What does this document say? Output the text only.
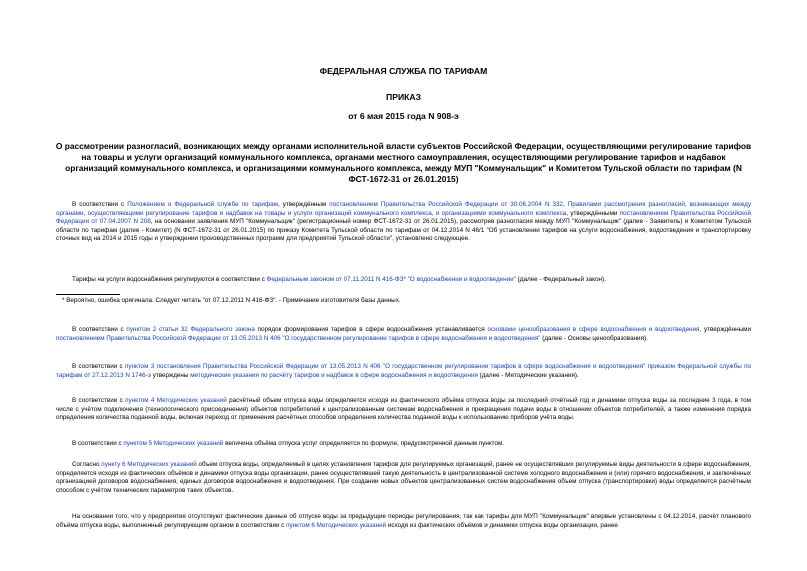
ФЕДЕРАЛЬНАЯ СЛУЖБА ПО ТАРИФАМ
ПРИКАЗ
от 6 мая 2015 года N 908-э
О рассмотрении разногласий, возникающих между органами исполнительной власти субъектов Российской Федерации, осуществляющими регулирование тарифов на товары и услуги организаций коммунального комплекса, органами местного самоуправления, осуществляющими регулирование тарифов и надбавок организаций коммунального комплекса, и организациями коммунального комплекса, между МУП "Коммунальщик" и Комитетом Тульской области по тарифам (N ФСТ-1672-31 от 26.01.2015)
В соответствии с Положением о Федеральной службе по тарифам, утверждённым постановлением Правительства Российской Федерации от 30.06.2004 N 332, Правилами рассмотрения разногласий, возникающих между органами, осуществляющими регулирование тарифов и надбавок на товары и услуги организаций коммунального комплекса, и организациями коммунального комплекса, утверждёнными постановлением Правительства Российской Федерации от 07.04.2007 N 208, на основании заявления МУП "Коммунальщик" (регистрационный номер ФСТ-1672-31 от 26.01.2015), рассмотрев разногласия между МУП "Коммунальщик" (далее - Заявитель) и Комитетом Тульской области по тарифам (далее - Комитет) (N ФСТ-1672-31 от 26.01.2015) по приказу Комитета Тульской области по тарифам от 04.12.2014 N 46/1 "Об установлении тарифов на услуги водоснабжения, водоотведения и транспортировку сточных вод на 2014 и 2015 годы и утверждении производственных программ для предприятий Тульской области", установлено следующее.
Тарифы на услуги водоснабжения регулируются в соответствии с Федеральным законом от 07.11.2011 N 416-ФЗ* "О водоснабжении и водоотведении" (далее - Федеральный закон).
* Вероятно, ошибка оригинала. Следует читать "от 07.12.2011 N 416-ФЗ". - Примечание изготовителя базы данных.
В соответствии с пунктом 2 статьи 32 Федерального закона порядок формирования тарифов в сфере водоснабжения устанавливается основами ценообразования в сфере водоснабжения и водоотведения, утверждёнными постановлением Правительства Российской Федерации от 13.05.2013 N 406 "О государственном регулировании тарифов в сфере водоснабжения и водоотведения" (далее - Основы ценообразования).
В соответствии с пунктом 3 постановления Правительства Российской Федерации от 13.05.2013 N 406 "О государственном регулировании тарифов в сфере водоснабжения и водоотведения" приказом Федеральной службы по тарифам от 27.12.2013 N 1746-э утверждены методические указания по расчёту тарифов и надбавок в сфере водоснабжения и водоотведения (далее - Методические указания).
В соответствии с пунктом 4 Методических указаний расчётный объем отпуска воды определяется исходя из фактического объёма отпуска воды за последний отчётный год и динамики отпуска воды за последние 3 года, в том числе с учётом подключения (технологического присоединения) объектов потребителей к централизованным системам водоснабжения и прекращения подачи воды в отношении объектов потребителей, а также изменения порядка определения количества поданной воды, включая переход от применения расчётных способов определения количества поданной воды к использованию приборов учёта воды.
В соответствии с пунктом 5 Методических указаний величина объёма отпуска услуг определяется по формуле, предусмотренной данным пунктом.
Согласно пункту 6 Методических указаний объем отпуска воды, определяемый в целях установления тарифов для регулируемых организаций, ранее не осуществлявших регулируемые виды деятельности в сфере водоснабжения, определяется исходя из фактических объёмов и динамики отпуска воды организации, ранее осуществлявшей такую деятельность в централизованной системе холодного водоснабжения и (или) горячего водоснабжения, и заключённых организацией договоров водоснабжения, единых договоров водоснабжения и водоотведения. При создании новых объектов централизованных систем водоснабжения объем отпуска (транспортировки) воды определяется расчётным способом с учётом технических параметров таких объектов.
На основании того, что у предприятия отсутствуют фактические данные об отпуске воды за предыдущие периоды регулирования, так как тарифы для МУП "Коммунальщик" впервые установлены с 04.12.2014, расчёт планового объёма отпуска воды, выполненный регулирующим органом в соответствии с пунктом 6 Методических указаний исходя из фактических объёмов и динамики отпуска воды организации, ранее
